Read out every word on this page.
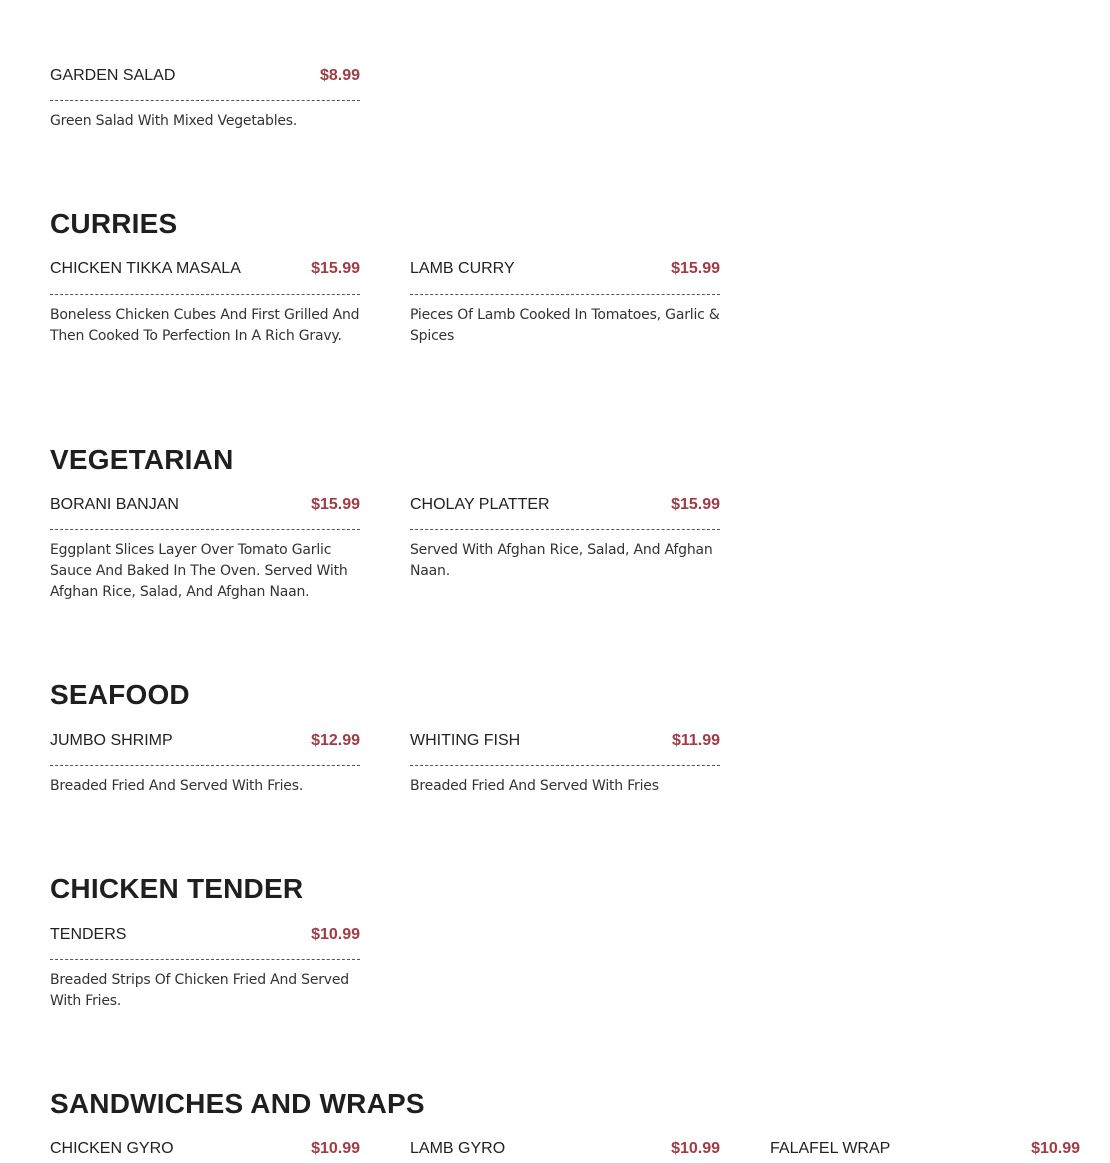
GARDEN SALAD	$8.99
Green Salad With Mixed Vegetables.
CURRIES
CHICKEN TIKKA MASALA	$15.99
Boneless Chicken Cubes And First Grilled And Then Cooked To Perfection In A Rich Gravy.
LAMB CURRY	$15.99
Pieces Of Lamb Cooked In Tomatoes, Garlic & Spices
VEGETARIAN
BORANI BANJAN	$15.99
Eggplant Slices Layer Over Tomato Garlic Sauce And Baked In The Oven. Served With Afghan Rice, Salad, And Afghan Naan.
CHOLAY PLATTER	$15.99
Served With Afghan Rice, Salad, And Afghan Naan.
SEAFOOD
JUMBO SHRIMP	$12.99
Breaded Fried And Served With Fries.
WHITING FISH	$11.99
Breaded Fried And Served With Fries
CHICKEN TENDER
TENDERS	$10.99
Breaded Strips Of Chicken Fried And Served With Fries.
SANDWICHES AND WRAPS
CHICKEN GYRO	$10.99	LAMB GYRO	$10.99	FALAFEL WRAP	$10.99
